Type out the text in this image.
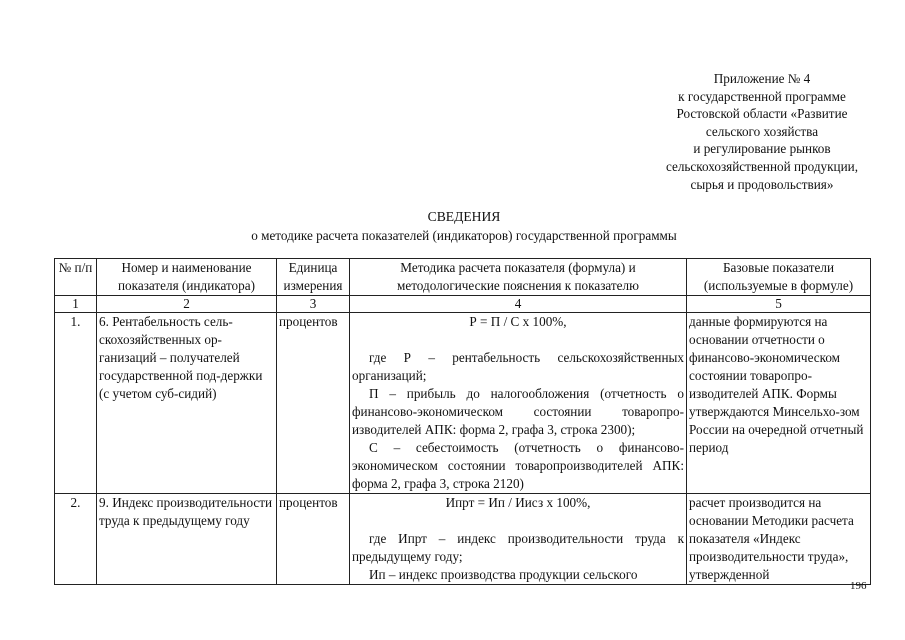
Приложение № 4
к государственной программе
Ростовской области «Развитие
сельского хозяйства
и регулирование рынков
сельскохозяйственной продукции,
сырья и продовольствия»
СВЕДЕНИЯ
о методике расчета показателей (индикаторов) государственной программы
№ п/п	Номер и наименование показателя (индикатора)	Единица измерения	Методика расчета показателя (формула) и методологические пояснения к показателю	Базовые показатели (используемые в формуле)
1	2	3	4	5
1.	6. Рентабельность сель-скохозяйственных ор-ганизаций – получателей государственной под-держки (с учетом суб-сидий)	процентов	Р = П / С х 100%,
где Р – рентабельность сельскохозяйственных организаций;
П – прибыль до налогообложения (отчетность о финансово-экономическом состоянии товаропро-изводителей АПК: форма 2, графа 3, строка 2300);
С – себестоимость (отчетность о финансово-экономическом состоянии товаропроизводителей АПК: форма 2, графа 3, строка 2120)	данные формируются на основании отчетности о финансово-экономическом состоянии товаропро-изводителей АПК. Формы утверждаются Минсельхо-зом России на очередной отчетный период
2.	9. Индекс производительности труда к предыдущему году	процентов	Ипрт = Ип / Иисз х 100%,
где Ипрт – индекс производительности труда к предыдущему году;
Ип – индекс производства продукции сельского	расчет производится на основании Методики расчета показателя «Индекс производительности труда», утвержденной
196
